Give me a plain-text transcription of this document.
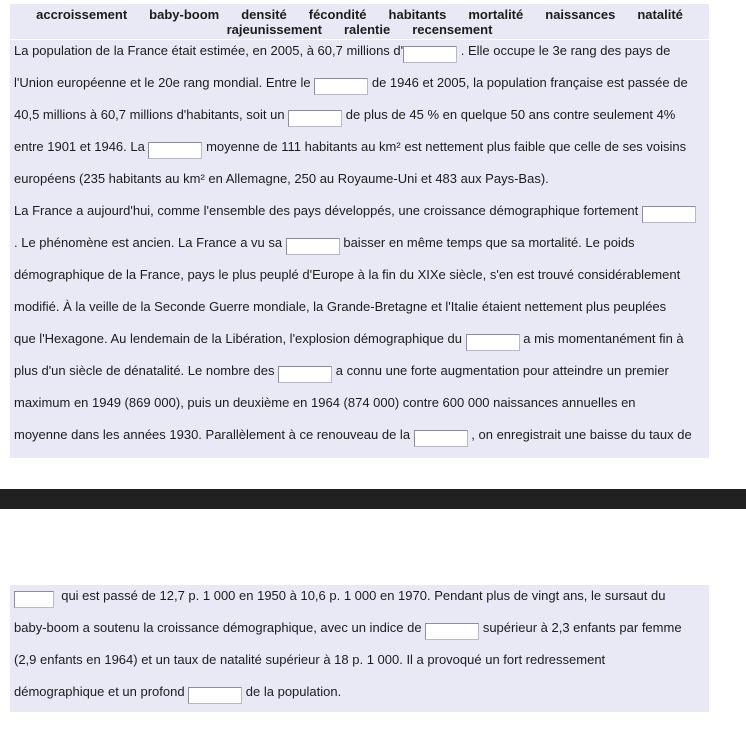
accroissement baby-boom densité fécondité habitants mortalité naissances natalité
rajeunissement ralentie recensement
La population de la France était estimée, en 2005, à 60,7 millions d'	. Elle occupe le 3e rang des pays de
l'Union européenne et le 20e rang mondial. Entre le	de 1946 et 2005, la population française est passée de
40,5 millions à 60,7 millions d'habitants, soit un	de plus de 45 % en quelque 50 ans contre seulement 4%
entre 1901 et 1946. La	moyenne de 111 habitants au km² est nettement plus faible que celle de ses voisins
européens (235 habitants au km² en Allemagne, 250 au Royaume-Uni et 483 aux Pays-Bas).
La France a aujourd'hui, comme l'ensemble des pays développés, une croissance démographique fortement
. Le phénomène est ancien. La France a vu sa	baisser en même temps que sa mortalité. Le poids
démographique de la France, pays le plus peuplé d'Europe à la fin du XIXe siècle, s'en est trouvé considérablement
modifié. À la veille de la Seconde Guerre mondiale, la Grande-Bretagne et l'Italie étaient nettement plus peuplées
que l'Hexagone. Au lendemain de la Libération, l'explosion démographique du	a mis momentanément fin à
plus d'un siècle de dénatalité. Le nombre des	a connu une forte augmentation pour atteindre un premier
maximum en 1949 (869 000), puis un deuxième en 1964 (874 000) contre 600 000 naissances annuelles en
moyenne dans les années 1930. Parallèlement à ce renouveau de la	, on enregistrait une baisse du taux de
qui est passé de 12,7 p. 1 000 en 1950 à 10,6 p. 1 000 en 1970. Pendant plus de vingt ans, le sursaut du
baby-boom a soutenu la croissance démographique, avec un indice de	supérieur à 2,3 enfants par femme
(2,9 enfants en 1964) et un taux de natalité supérieur à 18 p. 1 000. Il a provoqué un fort redressement
démographique et un profond	de la population.
